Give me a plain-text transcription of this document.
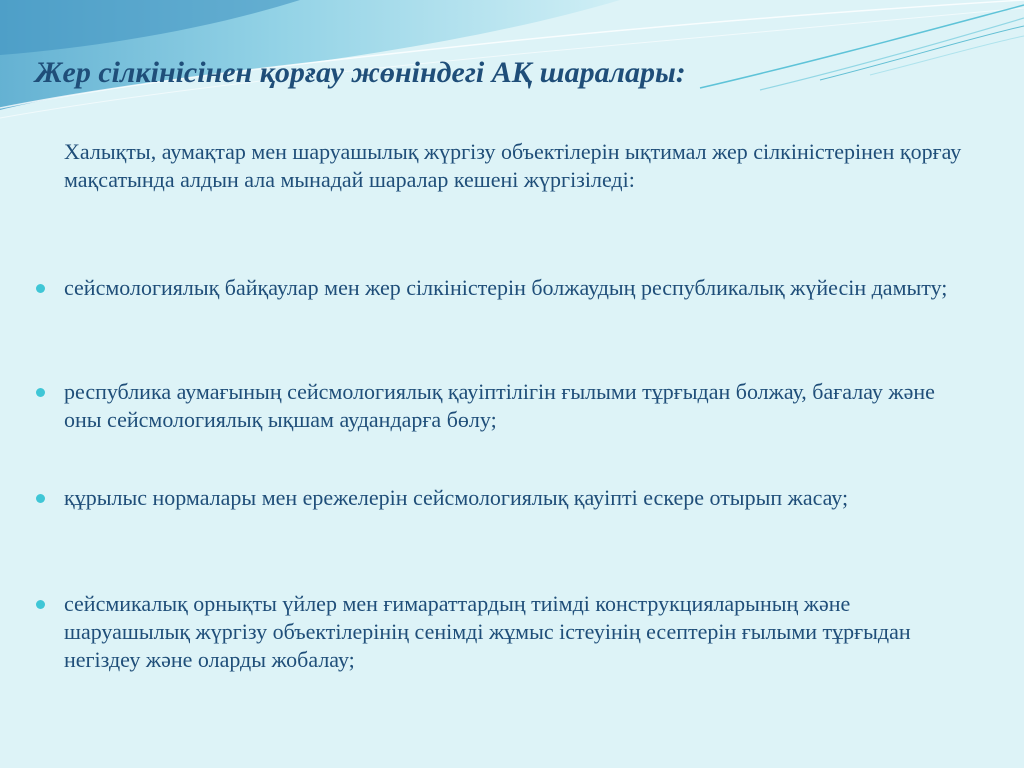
Жер сілкінісінен қорғау жөніндегі АҚ шаралары:

Халықты, аумақтар мен шаруашылық жүргізу объектілерін ықтимал жер сілкіністерінен қорғау мақсатында алдын ала мынадай шаралар кешені жүргізіледі:

сейсмологиялық байқаулар мен жер сілкіністерін болжаудың республикалық жүйесін дамыту;
республика аумағының сейсмологиялық қауіптілігін ғылыми тұрғыдан болжау, бағалау және оны сейсмологиялық ықшам аудандарға бөлу;
құрылыс нормалары мен ережелерін сейсмологиялық қауіпті ескере отырып жасау;
сейсмикалық орнықты үйлер мен ғимараттардың тиімді конструкцияларының және шаруашылық жүргізу объектілерінің сенімді жұмыс істеуінің есептерін ғылыми тұрғыдан негіздеу және оларды жобалау;
